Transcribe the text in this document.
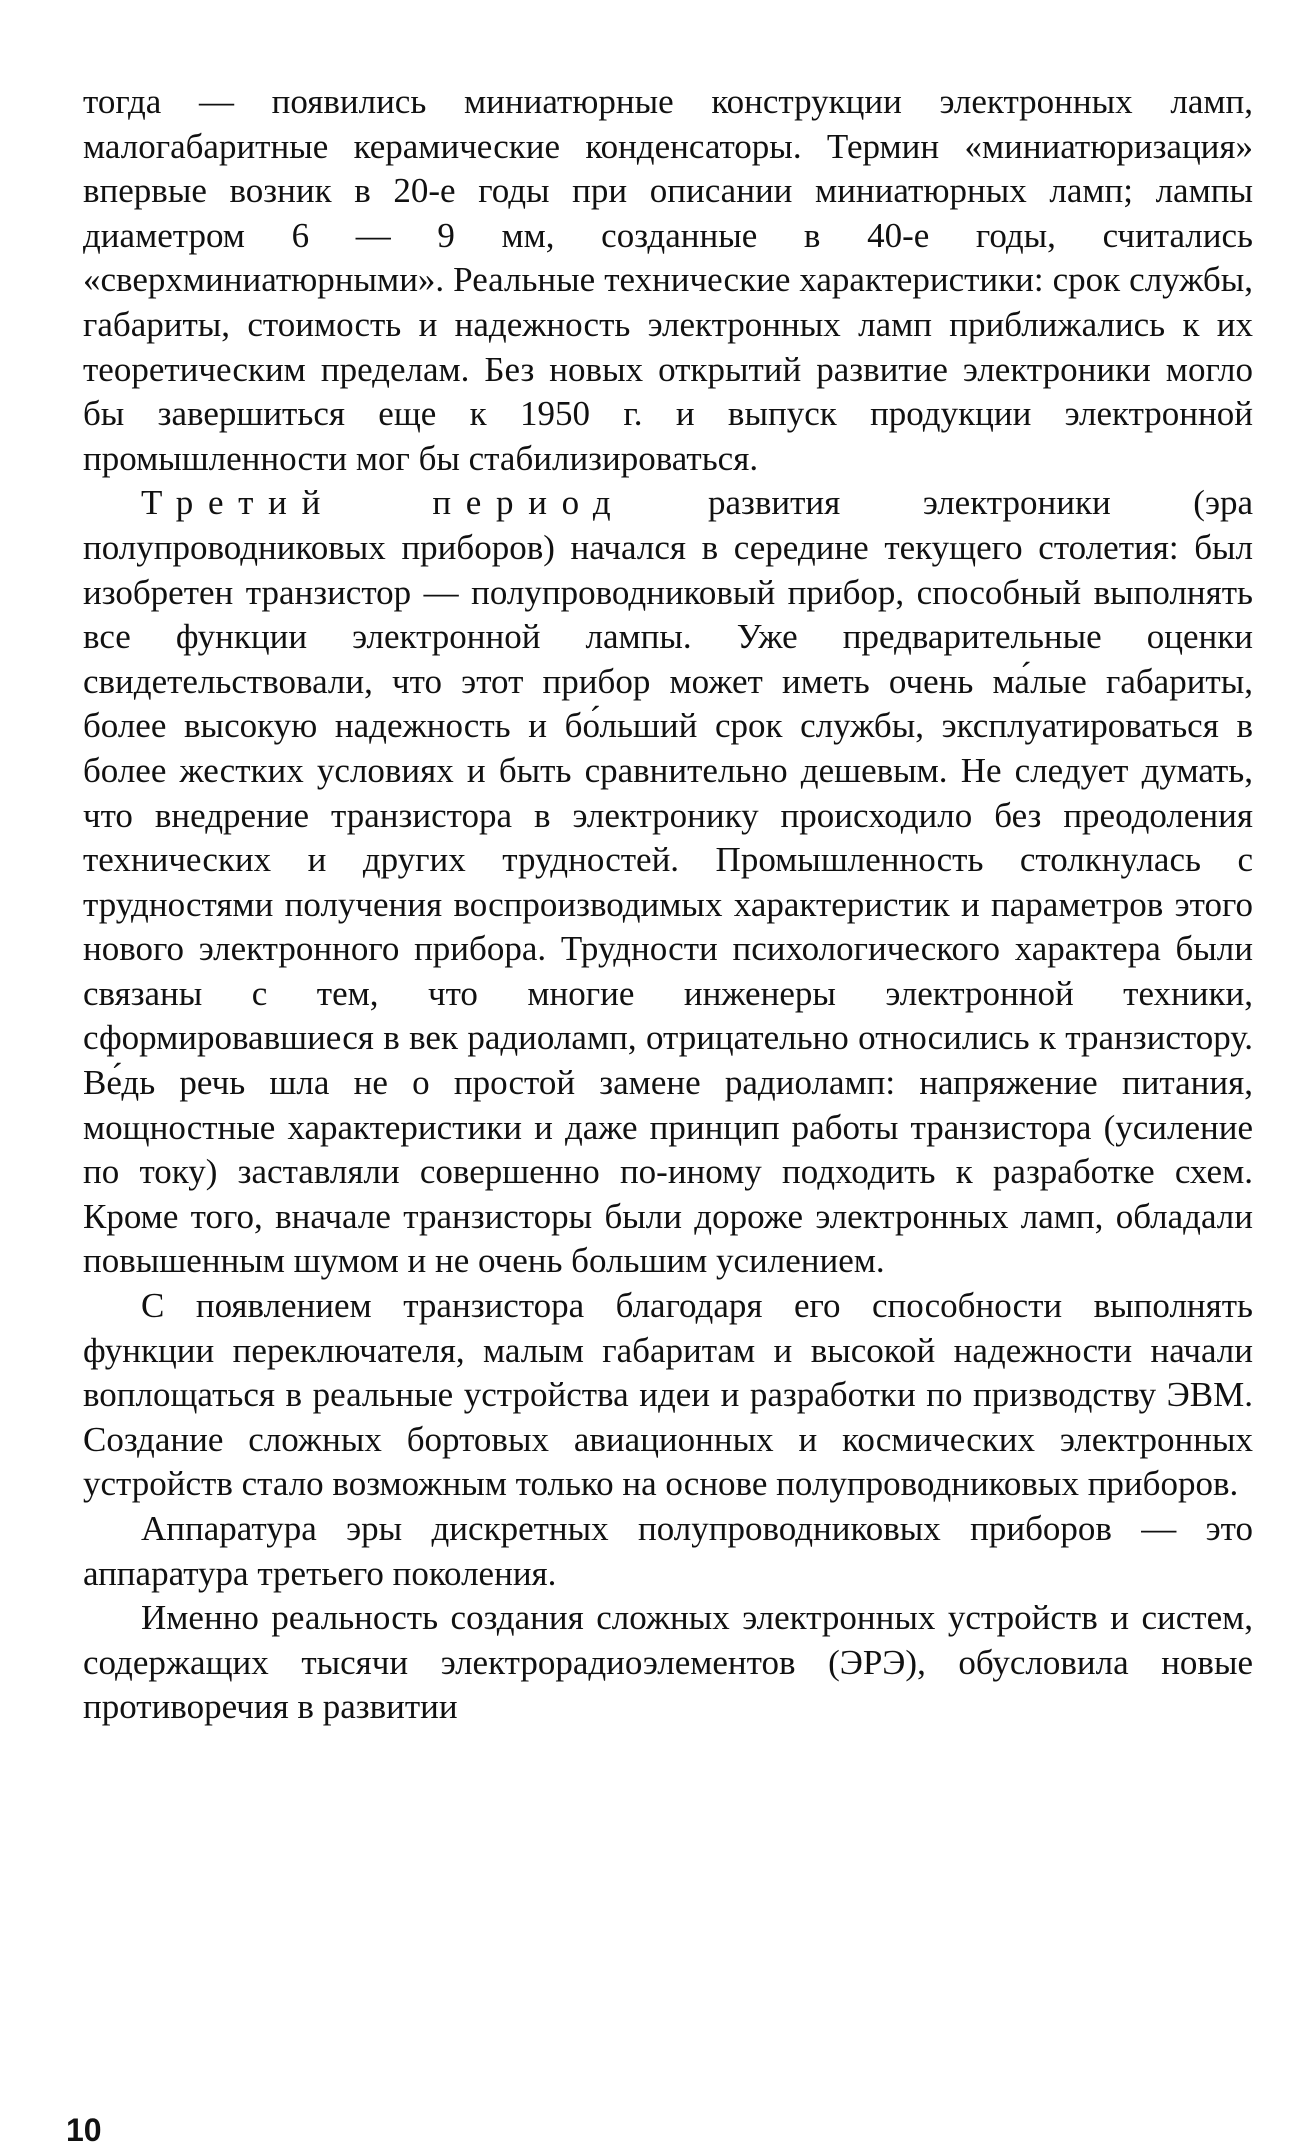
тогда — появились миниатюрные конструкции электронных ламп, малогабаритные керамические конденсаторы. Термин «миниатюризация» впервые возник в 20-е годы при описании миниатюрных ламп; лампы диаметром 6 — 9 мм, созданные в 40-е годы, считались «сверхминиатюрными». Реальные технические характеристики: срок службы, габариты, стоимость и надежность электронных ламп приближались к их теоретическим пределам. Без новых открытий развитие электроники могло бы завершиться еще к 1950 г. и выпуск продукции электронной промышленности мог бы стабилизироваться.

Третий период развития электроники (эра полупроводниковых приборов) начался в середине текущего столетия: был изобретен транзистор — полупроводниковый прибор, способный выполнять все функции электронной лампы. Уже предварительные оценки свидетельствовали, что этот прибор может иметь очень ма́лые габариты, более высокую надежность и бо́льший срок службы, эксплуатироваться в более жестких условиях и быть сравнительно дешевым. Не следует думать, что внедрение транзистора в электронику происходило без преодоления технических и других трудностей. Промышленность столкнулась с трудностями получения воспроизводимых характеристик и параметров этого нового электронного прибора. Трудности психологического характера были связаны с тем, что многие инженеры электронной техники, сформировавшиеся в век радиоламп, отрицательно относились к транзистору. Ве́дь речь шла не о простой замене радиоламп: напряжение питания, мощностные характеристики и даже принцип работы транзистора (усиление по току) заставляли совершенно по-иному подходить к разработке схем. Кроме того, вначале транзисторы были дороже электронных ламп, обладали повышенным шумом и не очень большим усилением.

С появлением транзистора благодаря его способности выполнять функции переключателя, малым габаритам и высокой надежности начали воплощаться в реальные устройства идеи и разработки по призводству ЭВМ. Создание сложных бортовых авиационных и космических электронных устройств стало возможным только на основе полупроводниковых приборов.

Аппаратура эры дискретных полупроводниковых приборов — это аппаратура третьего поколения.

Именно реальность создания сложных электронных устройств и систем, содержащих тысячи электрорадиоэлементов (ЭРЭ), обусловила новые противоречия в развитии

10
